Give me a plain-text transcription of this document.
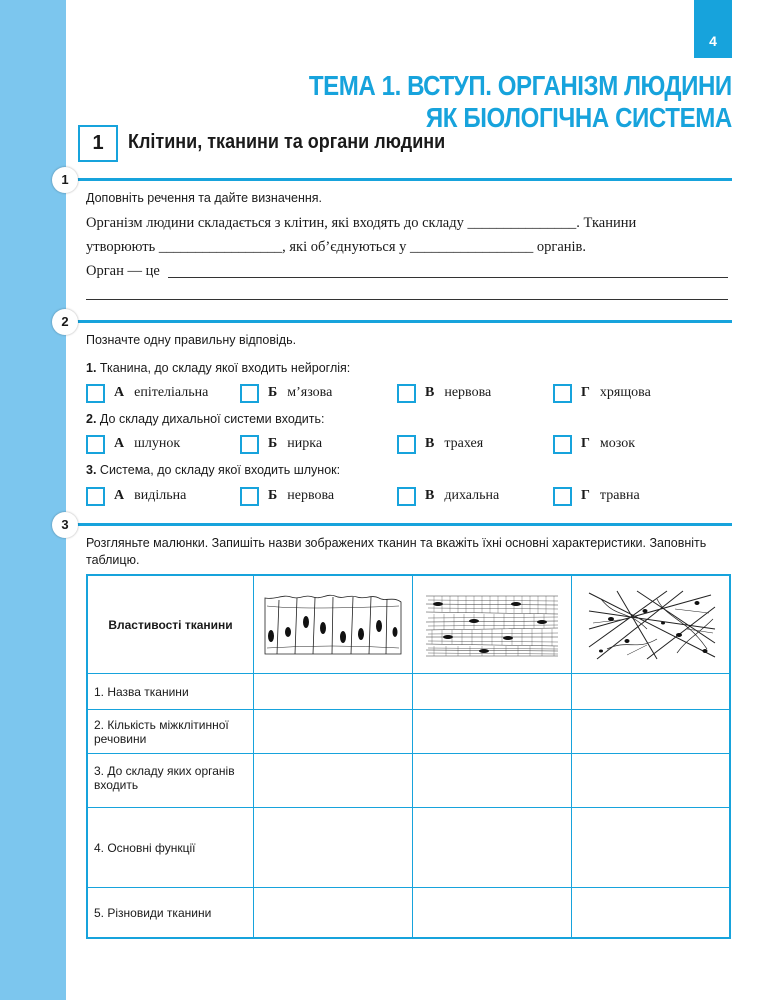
4
ТЕМА 1. ВСТУП. ОРГАНІЗМ ЛЮДИНИ
ЯК БІОЛОГІЧНА СИСТЕМА
1	Клітини, тканини та органи людини
1
Доповніть речення та дайте визначення.
Організм людини складається з клітин, які входять до складу _______________. Тканини
утворюють _________________, які об’єднуються у _________________ органів.
Орган — це
2
Позначте одну правильну відповідь.
1. Тканина, до складу якої входить нейроглія:
А епітеліальна	Б м’язова	В нервова	Г хрящова
2. До складу дихальної системи входить:
А шлунок	Б нирка	В трахея	Г мозок
3. Система, до складу якої входить шлунок:
А видільна	Б нервова	В дихальна	Г травна
3
Розгляньте малюнки. Запишіть назви зображених тканин та вкажіть їхні основні характеристики. Заповніть
таблицю.
Властивості тканини
1. Назва тканини
2. Кількість міжклітинної
речовини
3. До складу яких органів
входить
4. Основні функції
5. Різновиди тканини
